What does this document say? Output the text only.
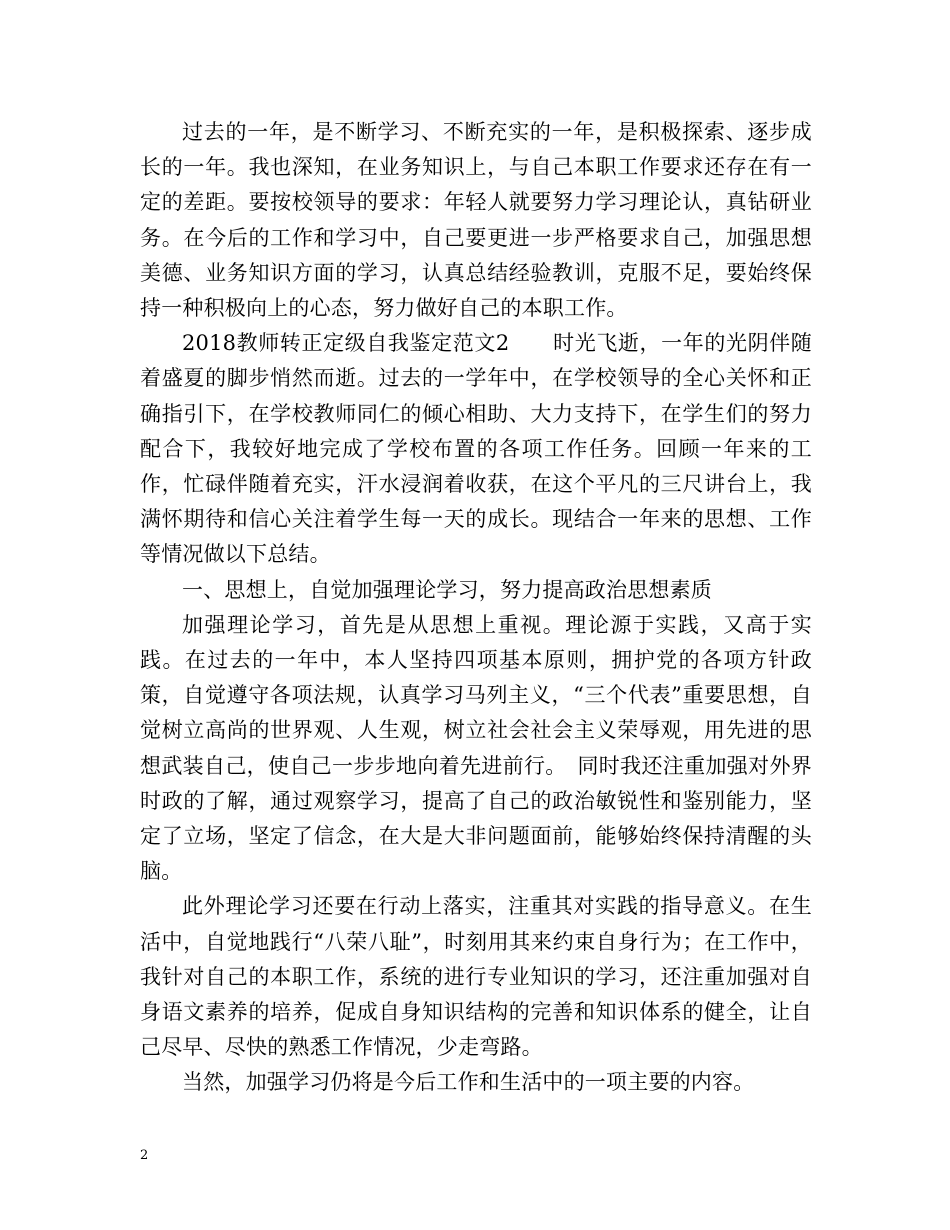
过去的一年，是不断学习、不断充实的一年，是积极探索、逐步成长的一年。我也深知，在业务知识上，与自己本职工作要求还存在有一定的差距。要按校领导的要求：年轻人就要努力学习理论认，真钻研业务。在今后的工作和学习中，自己要更进一步严格要求自己，加强思想美德、业务知识方面的学习，认真总结经验教训，克服不足，要始终保持一种积极向上的心态，努力做好自己的本职工作。

2018教师转正定级自我鉴定范文2　　时光飞逝，一年的光阴伴随着盛夏的脚步悄然而逝。过去的一学年中，在学校领导的全心关怀和正确指引下，在学校教师同仁的倾心相助、大力支持下，在学生们的努力配合下，我较好地完成了学校布置的各项工作任务。回顾一年来的工作，忙碌伴随着充实，汗水浸润着收获，在这个平凡的三尺讲台上，我满怀期待和信心关注着学生每一天的成长。现结合一年来的思想、工作等情况做以下总结。

一、思想上，自觉加强理论学习，努力提高政治思想素质

加强理论学习，首先是从思想上重视。理论源于实践，又高于实践。在过去的一年中，本人坚持四项基本原则，拥护党的各项方针政策，自觉遵守各项法规，认真学习马列主义，“三个代表”重要思想，自觉树立高尚的世界观、人生观，树立社会社会主义荣辱观，用先进的思想武装自己，使自己一步步地向着先进前行。　同时我还注重加强对外界时政的了解，通过观察学习，提高了自己的政治敏锐性和鉴别能力，坚定了立场，坚定了信念，在大是大非问题面前，能够始终保持清醒的头脑。

此外理论学习还要在行动上落实，注重其对实践的指导意义。在生活中，自觉地践行“八荣八耻”，时刻用其来约束自身行为；在工作中，我针对自己的本职工作，系统的进行专业知识的学习，还注重加强对自身语文素养的培养，促成自身知识结构的完善和知识体系的健全，让自己尽早、尽快的熟悉工作情况，少走弯路。

当然，加强学习仍将是今后工作和生活中的一项主要的内容。

2
